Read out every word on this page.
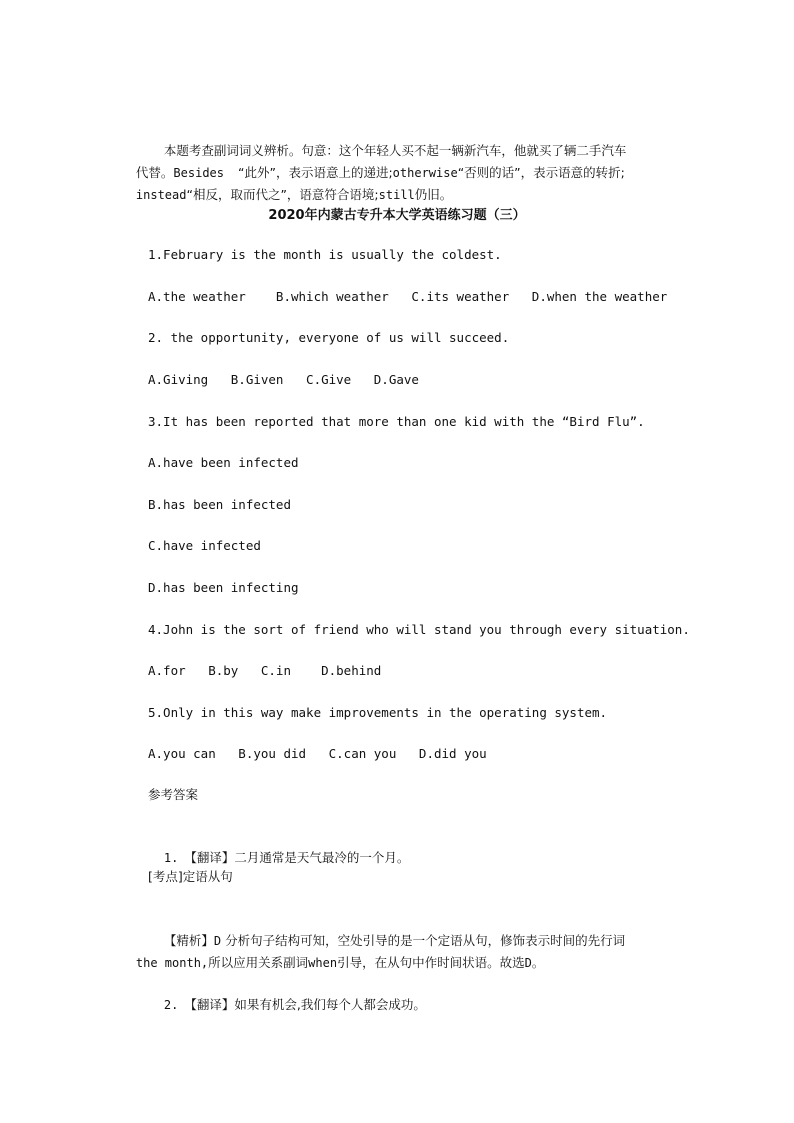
本题考查副词词义辨析。句意：这个年轻人买不起一辆新汽车，他就买了辆二手汽车

代替。Besides “此外”，表示语意上的递进;otherwise“否则的话”，表示语意的转折;

instead“相反，取而代之”，语意符合语境;still仍旧。

2020年内蒙古专升本大学英语练习题（三）
1.February is the month is usually the coldest.
A.the weather    B.which weather   C.its weather   D.when the weather
2. the opportunity, everyone of us will succeed.
A.Giving   B.Given   C.Give   D.Gave
3.It has been reported that more than one kid with the “Bird Flu”.
A.have been infected
B.has been infected
C.have infected
D.has been infecting
4.John is the sort of friend who will stand you through every situation.
A.for   B.by   C.in    D.behind
5.Only in this way make improvements in the operating system.
A.you can   B.you did   C.can you   D.did you
参考答案

1. 【翻译】二月通常是天气最冷的一个月。

[考点]定语从句

【精析】D 分析句子结构可知，空处引导的是一个定语从句，修饰表示时间的先行词

the month,所以应用关系副词when引导，在从句中作时间状语。故选D。

2. 【翻译】如果有机会,我们每个人都会成功。
